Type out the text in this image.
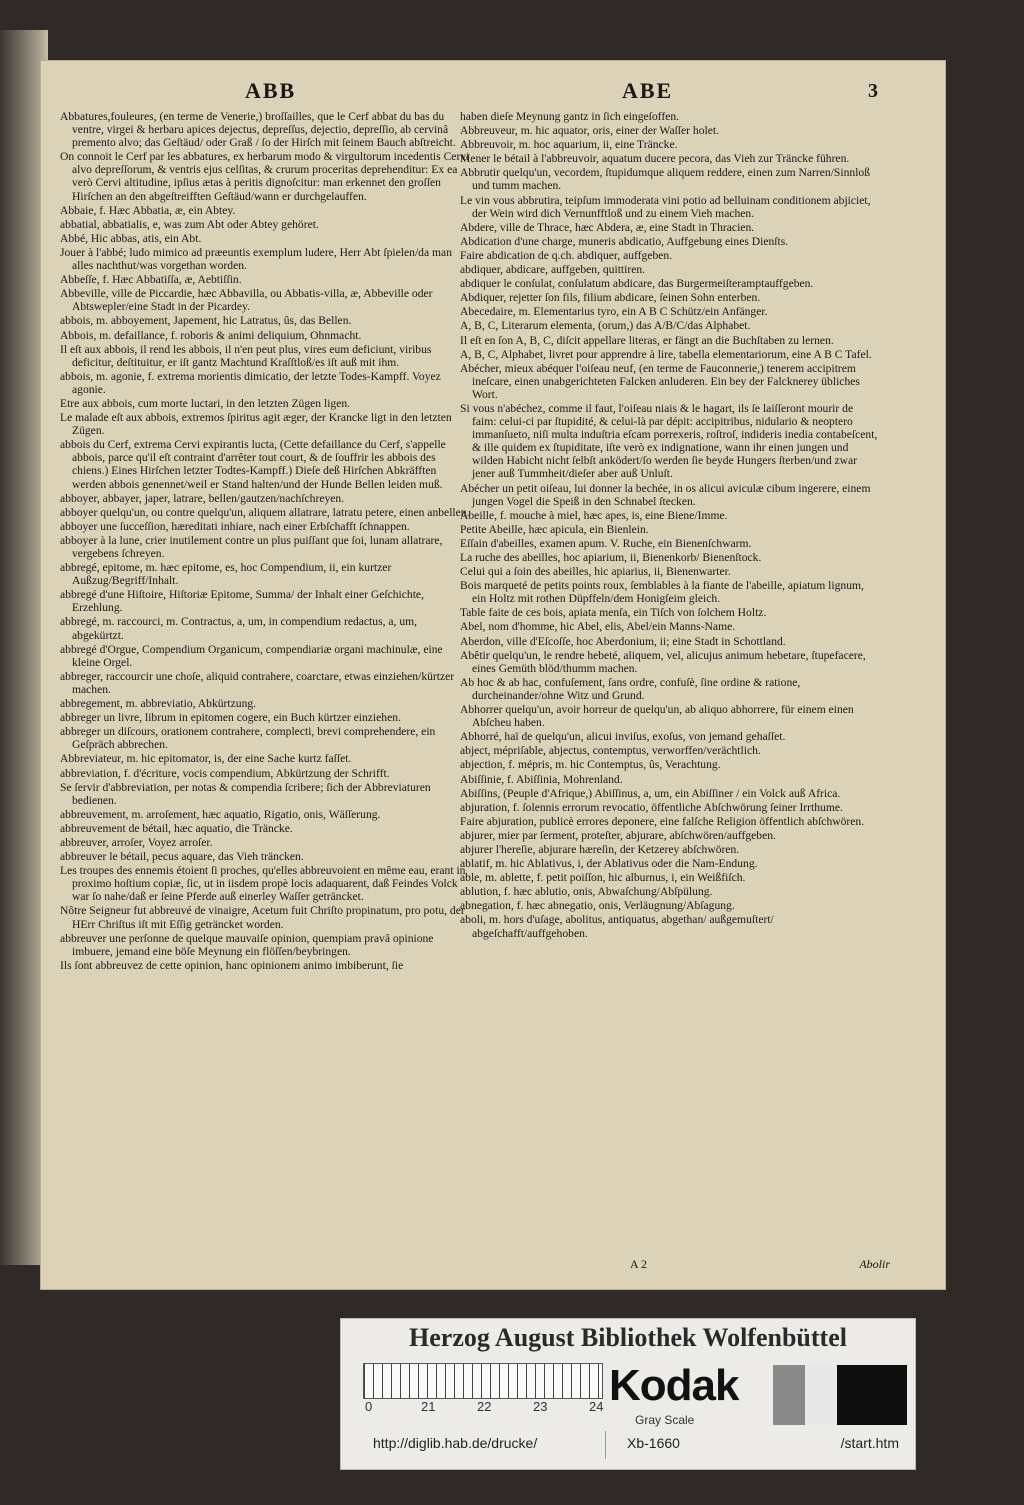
ABB	ABE	3
Abbatures,fouleures, (en terme de Venerie,) broſſailles, que le Cerf abbat du bas du ventre, virgei & herbaru apices dejectus, depreſſus, dejectio, depreſſio, ab cervinâ premento alvo; das Geſtäud/ oder Graß / ſo der Hirſch mit ſeinem Bauch abſtreicht.
On connoit le Cerf par les abbatures, ex herbarum modo & virgultorum incedentis Cervi alvo depreſſorum, & ventris ejus celſitas, & crurum proceritas deprehenditur: Ex ea verò Cervi altitudine, ipſius ætas à peritis dignoſcitur: man erkennet den groſſen Hirſchen an den abgeſtreifften Geſtäud/wann er durchgelauffen.
Abbaie, f. Hæc Abbatia, æ, ein Abtey.
abbatial, abbatialis, e, was zum Abt oder Abtey gehöret.
Abbé, Hic abbas, atis, ein Abt.
Jouer à l'abbé; ludo mimico ad præeuntis exemplum ludere, Herr Abt ſpielen/da man alles nachthut/was vorgethan worden.
Abbeſſe, f. Hæc Abbatiſſa, æ, Aebtiſſin.
Abbeville, ville de Piccardie, hæc Abbavilla, ou Abbatis-villa, æ, Abbeville oder Abtswepler/eine Stadt in der Picardey.
abbois, m. abboyement, Japement, hic Latratus, ûs, das Bellen.
Abbois, m. defaillance, f. roboris & animi deliquium, Ohnmacht.
Il eſt aux abbois, il rend les abbois, il n'en peut plus, vires eum deficiunt, viribus deficitur, deſtituitur, er iſt gantz Machtund Kraſſtloß/es iſt auß mit ihm.
abbois, m. agonie, f. extrema morientis dimicatio, der letzte Todes-Kampff. Voyez agonie.
Etre aux abbois, cum morte luctari, in den letzten Zügen ligen.
Le malade eſt aux abbois, extremos ſpiritus agit æger, der Krancke ligt in den letzten Zügen.
abbois du Cerf, extrema Cervi expirantis lucta, (Cette defaillance du Cerf, s'appelle abbois, parce qu'il eſt contraint d'arrêter tout court, & de ſouffrir les abbois des chiens.) Eines Hirſchen letzter Todtes-Kampff.) Dieſe deß Hirſchen Abkräfften werden abbois genennet/weil er Stand halten/und der Hunde Bellen leiden muß.
abboyer, abbayer, japer, latrare, bellen/gautzen/nachſchreyen.
abboyer quelqu'un, ou contre quelqu'un, aliquem allatrare, latratu petere, einen anbellen.
abboyer une ſucceſſion, hæreditati inhiare, nach einer Erbſchafft ſchnappen.
abboyer à la lune, crier inutilement contre un plus puiſſant que ſoi, lunam allatrare, vergebens ſchreyen.
abbregé, epitome, m. hæc epitome, es, hoc Compendium, ii, ein kurtzer Außzug/Begriff/Inhalt.
abbregé d'une Hiſtoire, Hiſtoriæ Epitome, Summa/ der Inhalt einer Geſchichte, Erzehlung.
abbregé, m. raccourci, m. Contractus, a, um, in compendium redactus, a, um, abgekürtzt.
abbregé d'Orgue, Compendium Organicum, compendiariæ organi machinulæ, eine kleine Orgel.
abbreger, raccourcir une choſe, aliquid contrahere, coarctare, etwas einziehen/kürtzer machen.
abbregement, m. abbreviatio, Abkürtzung.
abbreger un livre, librum in epitomen cogere, ein Buch kürtzer einziehen.
abbreger un diſcours, orationem contrahere, complecti, brevi comprehendere, ein Geſpräch abbrechen.
Abbreviateur, m. hic epitomator, is, der eine Sache kurtz faſſet.
abbreviation, f. d'écriture, vocis compendium, Abkürtzung der Schrifft.
Se ſervir d'abbreviation, per notas & compendia ſcribere; ſich der Abbreviaturen bedienen.
abbreuvement, m. arroſement, hæc aquatio, Rigatio, onis, Wäſſerung.
abbreuvement de bétail, hæc aquatio, die Träncke.
abbreuver, arroſer, Voyez arroſer.
abbreuver le bétail, pecus aquare, das Vieh träncken.
Les troupes des ennemis étoient ſi proches, qu'elles abbreuvoient en même eau, erant in proximo hoſtium copiæ, ſic, ut in iisdem propè locis adaquarent, daß Feindes Volck war ſo nahe/daß er ſeine Pferde auß einerley Waſſer geträncket.
Nôtre Seigneur fut abbreuvé de vinaigre, Acetum fuit Chriſto propinatum, pro potu, der HErr Chriſtus iſt mit Eſſig geträncket worden.
abbreuver une perſonne de quelque mauvaiſe opinion, quempiam pravâ opinione imbuere, jemand eine böſe Meynung ein flöſſen/beybringen.
Ils ſont abbreuvez de cette opinion, hanc opinionem animo imbiberunt, ſie
haben dieſe Meynung gantz in ſich eingeſoffen.
Abbreuveur, m. hic aquator, oris, einer der Waſſer holet.
Abbreuvoir, m. hoc aquarium, ii, eine Träncke.
Mener le bétail à l'abbreuvoir, aquatum ducere pecora, das Vieh zur Träncke führen.
Abbrutir quelqu'un, vecordem, ſtupidumque aliquem reddere, einen zum Narren/Sinnloß und tumm machen.
Le vin vous abbrutira, teipſum immoderata vini potio ad belluinam conditionem abjiciet, der Wein wird dich Vernunfftloß und zu einem Vieh machen.
Abdere, ville de Thrace, hæc Abdera, æ, eine Stadt in Thracien.
Abdication d'une charge, muneris abdicatio, Auffgebung eines Dienſts.
Faire abdication de q.ch. abdiquer, auffgeben.
abdiquer, abdicare, auffgeben, quittiren.
abdiquer le conſulat, conſulatum abdicare, das Burgermeiſteramptauffgeben.
Abdiquer, rejetter ſon fils, filium abdicare, ſeinen Sohn enterben.
Abecedaire, m. Elementarius tyro, ein A B C Schütz/ein Anfänger.
A, B, C, Literarum elementa, (orum,) das A/B/C/das Alphabet.
Il eſt en ſon A, B, C, diſcit appellare literas, er fängt an die Buchſtaben zu lernen.
A, B, C, Alphabet, livret pour apprendre à lire, tabella elementariorum, eine A B C Tafel.
Abécher, mieux abéquer l'oiſeau neuf, (en terme de Fauconnerie,) tenerem accipitrem ineſcare, einen unabgerichteten Falcken anluderen. Ein bey der Falcknerey übliches Wort.
Si vous n'abéchez, comme il faut, l'oiſeau niais & le hagart, ils ſe laiſſeront mourir de faim: celui-ci par ſtupidité, & celui-là par dépit: accipitribus, nidulario & neoptero immanſueto, niſi multa induſtria eſcam porrexeris, roſtroſ, indideris inedia contabeſcent, & ille quidem ex ſtupiditate, iſte verò ex indignatione, wann ihr einen jungen und wilden Habicht nicht ſelbſt anködert/ſo werden ſie beyde Hungers ſterben/und zwar jener auß Tummheit/dieſer aber auß Unluſt.
Abécher un petit oiſeau, lui donner la bechée, in os alicui aviculæ cibum ingerere, einem jungen Vogel die Speiß in den Schnabel ſtecken.
Abeille, f. mouche à miel, hæc apes, is, eine Biene/Imme.
Petite Abeille, hæc apicula, ein Bienlein.
Eſſain d'abeilles, examen apum. V. Ruche, ein Bienenſchwarm.
La ruche des abeilles, hoc apiarium, ii, Bienenkorb/ Bienenſtock.
Celui qui a ſoin des abeilles, hic apiarius, ii, Bienenwarter.
Bois marqueté de petits points roux, ſemblables à la fiante de l'abeille, apiatum lignum, ein Holtz mit rothen Düpffeln/dem Honigſeim gleich.
Table faite de ces bois, apiata menſa, ein Tiſch von ſolchem Holtz.
Abel, nom d'homme, hic Abel, elis, Abel/ein Manns-Name.
Aberdon, ville d'Eſcoſſe, hoc Aberdonium, ii; eine Stadt in Schottland.
Abêtir quelqu'un, le rendre hebeté, aliquem, vel, alicujus animum hebetare, ſtupefacere, eines Gemüth blöd/thumm machen.
Ab hoc & ab hac, confuſement, ſans ordre, confuſè, ſine ordine & ratione, durcheinander/ohne Witz und Grund.
Abhorrer quelqu'un, avoir horreur de quelqu'un, ab aliquo abhorrere, für einem einen Abſcheu haben.
Abhorré, haï de quelqu'un, alicui inviſus, exoſus, von jemand gehaſſet.
abject, mépriſable, abjectus, contemptus, verworffen/verächtlich.
abjection, f. mépris, m. hic Contemptus, ûs, Verachtung.
Abiſſinie, f. Abiſſinia, Mohrenland.
Abiſſins, (Peuple d'Afrique,) Abiſſinus, a, um, ein Abiſſiner / ein Volck auß Africa.
abjuration, f. ſolennis errorum revocatio, öffentliche Abſchwörung ſeiner Irrthume.
Faire abjuration, publicè errores deponere, eine falſche Religion öffentlich abſchwören.
abjurer, mier par ſerment, proteſter, abjurare, abſchwören/auffgeben.
abjurer l'hereſie, abjurare hæreſin, der Ketzerey abſchwören.
ablatif, m. hic Ablativus, i, der Ablativus oder die Nam-Endung.
able, m. ablette, f. petit poiſſon, hic alburnus, i, ein Weißfiſch.
ablution, f. hæc ablutio, onis, Abwaſchung/Abſpülung.
abnegation, f. hæc abnegatio, onis, Verläugnung/Abſagung.
aboli, m. hors d'uſage, abolitus, antiquatus, abgethan/ außgemuſtert/ abgeſchafft/auffgehoben.
A 2	Abolir
Herzog August Bibliothek Wolfenbüttel
0	21	22	23	24 Kodak
Gray Scale
http://diglib.hab.de/drucke/	Xb-1660	/start.htm
